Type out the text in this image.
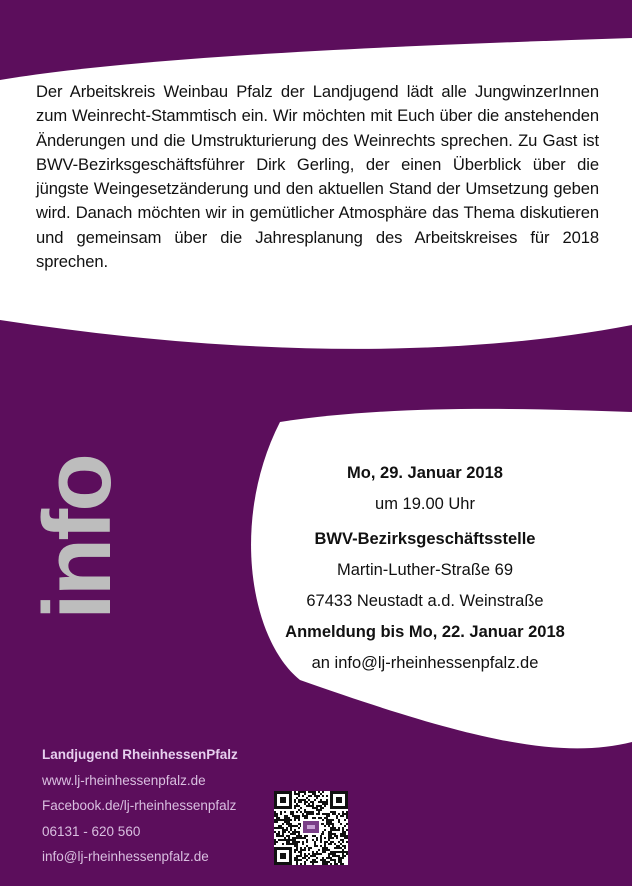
Der Arbeitskreis Weinbau Pfalz der Landjugend lädt alle JungwinzerInnen zum Weinrecht-Stammtisch ein. Wir möchten mit Euch über die anstehenden Änderungen und die Umstrukturierung des Weinrechts sprechen. Zu Gast ist BWV-Bezirksgeschäftsführer Dirk Gerling, der einen Überblick über die jüngste Weingesetzänderung und den aktuellen Stand der Umsetzung geben wird. Danach möchten wir in gemütlicher Atmosphäre das Thema diskutieren und gemeinsam über die Jahresplanung des Arbeitskreises für 2018 sprechen.
info	Mo, 29. Januar 2018
um 19.00 Uhr
BWV-Bezirksgeschäftsstelle
Martin-Luther-Straße 69
67433 Neustadt a.d. Weinstraße
Anmeldung bis Mo, 22. Januar 2018
an info@lj-rheinhessenpfalz.de
Landjugend RheinhessenPfalz
www.lj-rheinhessenpfalz.de
Facebook.de/lj-rheinhessenpfalz
06131 - 620 560
info@lj-rheinhessenpfalz.de
